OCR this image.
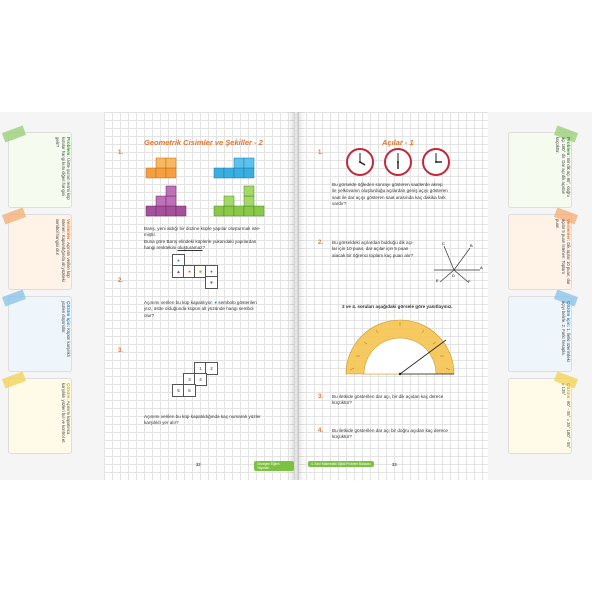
Problem: Üstte şunun resmi küp kutular hangi kutu diğeri hangisi gelir?
Verilenler: Açınımı verilen küp istenen: Kapandığında alt yüzdeki sembol hangisi olur
Çözüm için: Küpün karşılıklı yüzleri düşünülür.
Çözüm: Açınımı kapatınca karşılıklı yüzleri bul ve kontrol et.
Problem: Bir dik açı 90°, doğru açı 180° dir. Dar açı dik açıdan küçüktür.
Verilenler: Dik açılar 10 puan, dar açılar 5 puan İstenen: Toplam puan.
Çözüm için: 1. İletki üzerindeki açıyı belirle. 2. Farkı hesapla.
Çözüm: 90° - 55° = 35° 180° - 55° = 125°
Geometrik Cisimler ve Şekiller - 2
1.
Barış, yeni aldığı bir düzine küple yapılar oluşturmak iste-
miştir.
Buna göre Barış elindeki küplerle yukarıdaki yapılardan
hangi renktekini oluşturamaz?
2.
●
▲	★	■	●
♥
Açınımı verilen bu küp kapatılıyor. ● sembolü gösterilen
yüz, üstte olduğunda küpün alt yüzünde hangi sembol
olur?
3.
1	2
3	4
5	6
Açınımı verilen bu küp kapatıldığında kaç numaralı yüzler
karşılıklı yer alır?
32	Gezegen Eğitim Yayınları
Açılar - 1
1.
Bu görselde öğleden sonrayı gösteren saatlerde akrep
ile yelkovanın oluşturduğu açılardan geniş açıyı gösteren
saat ile dar açıyı gösteren saat arasında kaç dakika fark
vardır?
2. Bu görseldeki açılardan bulduğu dik açı-
lar için 10 puan, dar açılar için 5 puan
alacak bir öğrenci toplam kaç puan alır?
C	B
A
D
E	F
3 ve 4. soruları aşağıdaki görsele göre yanıtlayınız.
3. Bu iletkide gösterilen dar açı, bir dik açıdan kaç derece
küçüktür?
4. Bu iletkide gösterilen dar açı bir doğru açıdan kaç derece
küçüktür?
4. Sınıf Matematik Dijital Problem Bankası	33
